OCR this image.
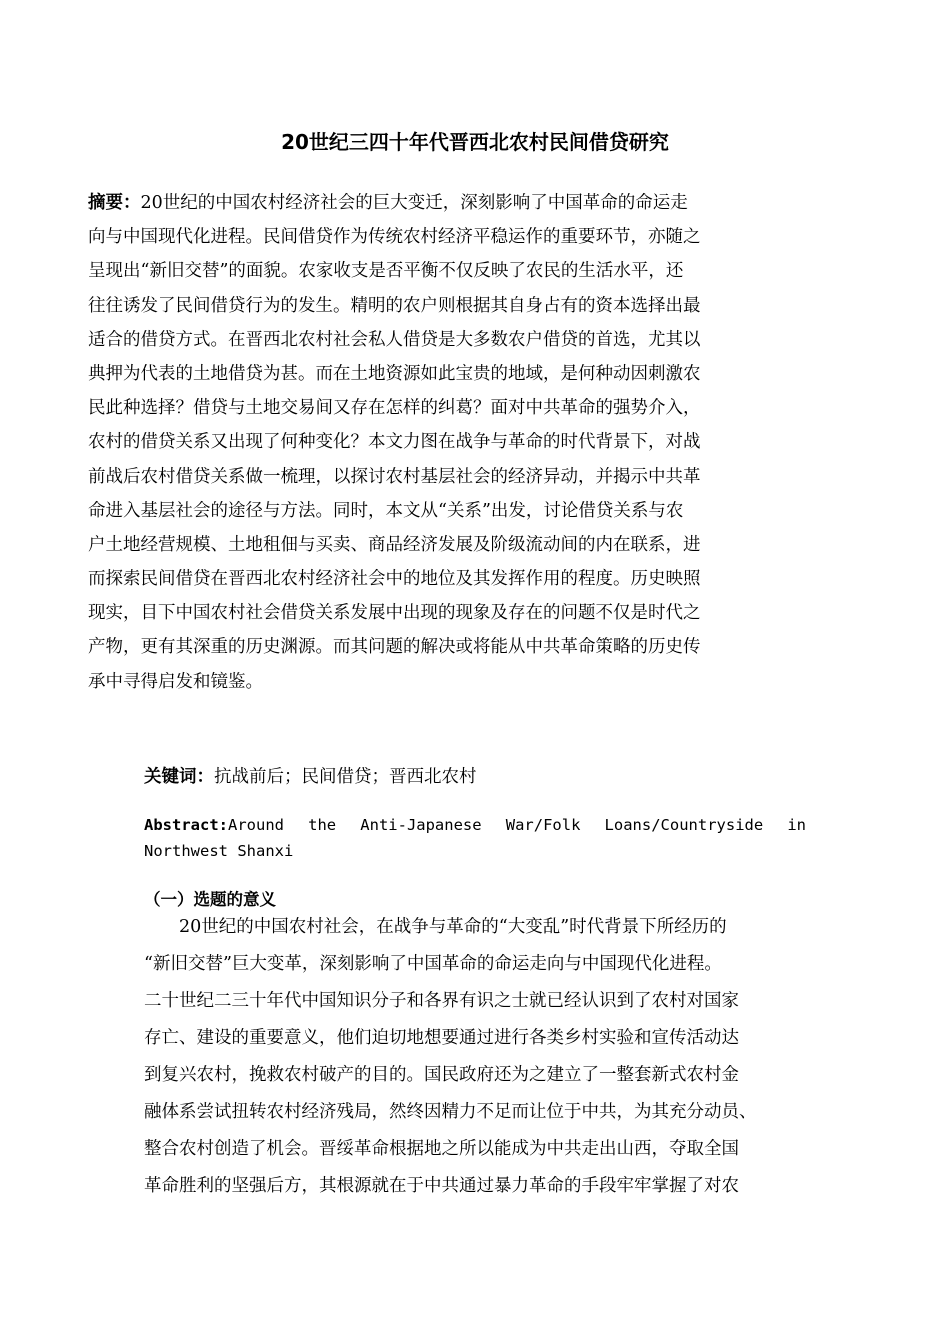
20世纪三四十年代晋西北农村民间借贷研究
摘要：20世纪的中国农村经济社会的巨大变迁，深刻影响了中国革命的命运走
向与中国现代化进程。民间借贷作为传统农村经济平稳运作的重要环节，亦随之
呈现出“新旧交替”的面貌。农家收支是否平衡不仅反映了农民的生活水平，还
往往诱发了民间借贷行为的发生。精明的农户则根据其自身占有的资本选择出最
适合的借贷方式。在晋西北农村社会私人借贷是大多数农户借贷的首选，尤其以
典押为代表的土地借贷为甚。而在土地资源如此宝贵的地域，是何种动因刺激农
民此种选择？借贷与土地交易间又存在怎样的纠葛？面对中共革命的强势介入，
农村的借贷关系又出现了何种变化？本文力图在战争与革命的时代背景下，对战
前战后农村借贷关系做一梳理，以探讨农村基层社会的经济异动，并揭示中共革
命进入基层社会的途径与方法。同时，本文从“关系”出发，讨论借贷关系与农
户土地经营规模、土地租佃与买卖、商品经济发展及阶级流动间的内在联系，进
而探索民间借贷在晋西北农村经济社会中的地位及其发挥作用的程度。历史映照
现实，目下中国农村社会借贷关系发展中出现的现象及存在的问题不仅是时代之
产物，更有其深重的历史渊源。而其问题的解决或将能从中共革命策略的历史传
承中寻得启发和镜鉴。
关键词：抗战前后；民间借贷；晋西北农村
Abstract:Around the Anti-Japanese War/Folk Loans/Countryside in
Northwest Shanxi
（一）选题的意义
　　20世纪的中国农村社会，在战争与革命的“大变乱”时代背景下所经历的
“新旧交替”巨大变革，深刻影响了中国革命的命运走向与中国现代化进程。
二十世纪二三十年代中国知识分子和各界有识之士就已经认识到了农村对国家
存亡、建设的重要意义，他们迫切地想要通过进行各类乡村实验和宣传活动达
到复兴农村，挽救农村破产的目的。国民政府还为之建立了一整套新式农村金
融体系尝试扭转农村经济残局，然终因精力不足而让位于中共，为其充分动员、
整合农村创造了机会。晋绥革命根据地之所以能成为中共走出山西，夺取全国
革命胜利的坚强后方，其根源就在于中共通过暴力革命的手段牢牢掌握了对农
